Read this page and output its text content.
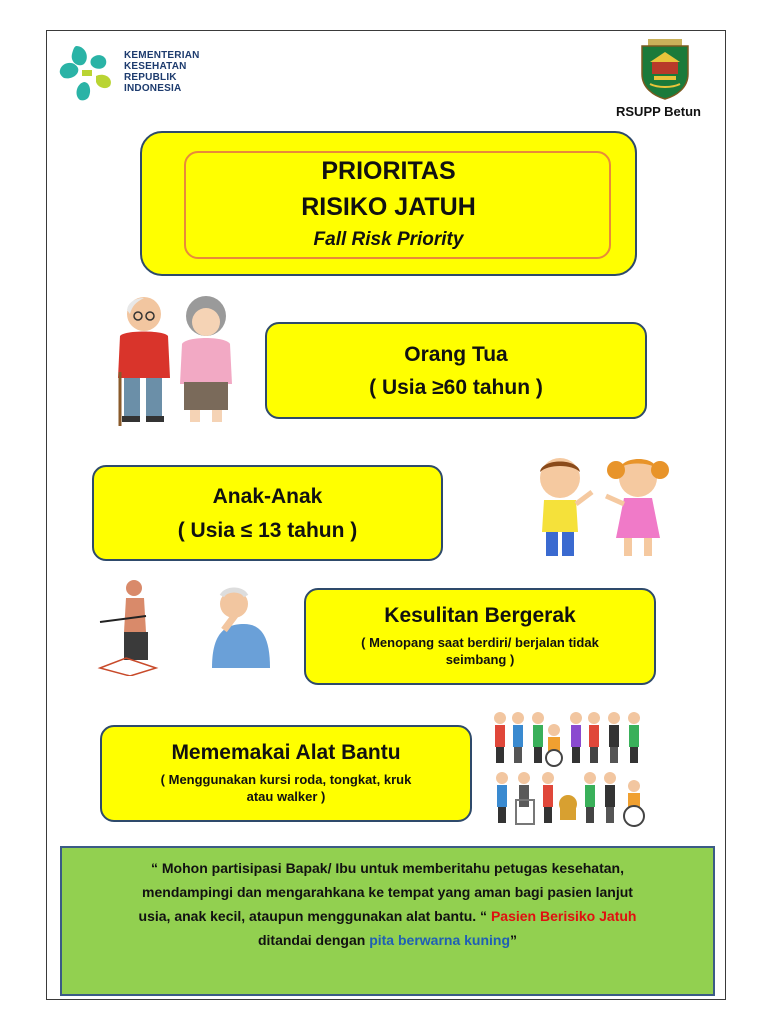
KEMENTERIAN
KESEHATAN
REPUBLIK
INDONESIA
RSUPP Betun
PRIORITAS
RISIKO JATUH
Fall Risk Priority
Orang Tua
( Usia ≥60 tahun )
Anak-Anak
( Usia ≤ 13 tahun )
Kesulitan Bergerak
( Menopang saat berdiri/ berjalan tidak
seimbang )
Mememakai Alat Bantu
( Menggunakan kursi roda, tongkat, kruk
atau walker )
“ Mohon partisipasi Bapak/ Ibu untuk memberitahu petugas kesehatan,
mendampingi dan mengarahkana ke tempat yang aman bagi pasien lanjut
usia, anak kecil, ataupun menggunakan alat bantu. “ Pasien Berisiko Jatuh
ditandai dengan pita berwarna kuning”
